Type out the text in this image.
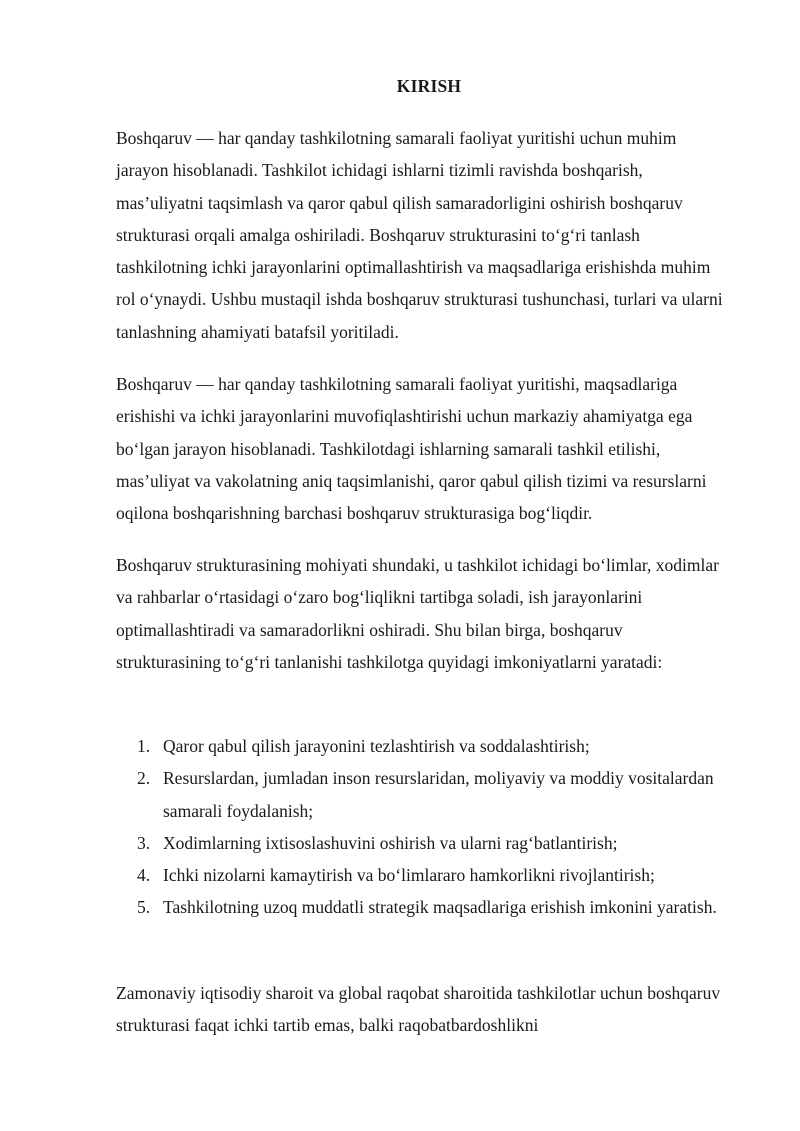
KIRISH

Boshqaruv — har qanday tashkilotning samarali faoliyat yuritishi uchun muhim jarayon hisoblanadi. Tashkilot ichidagi ishlarni tizimli ravishda boshqarish, mas’uliyatni taqsimlash va qaror qabul qilish samaradorligini oshirish boshqaruv strukturasi orqali amalga oshiriladi. Boshqaruv strukturasini to‘g‘ri tanlash tashkilotning ichki jarayonlarini optimallashtirish va maqsadlariga erishishda muhim rol o‘ynaydi. Ushbu mustaqil ishda boshqaruv strukturasi tushunchasi, turlari va ularni tanlashning ahamiyati batafsil yoritiladi.

Boshqaruv — har qanday tashkilotning samarali faoliyat yuritishi, maqsadlariga erishishi va ichki jarayonlarini muvofiqlashtirishi uchun markaziy ahamiyatga ega bo‘lgan jarayon hisoblanadi. Tashkilotdagi ishlarning samarali tashkil etilishi, mas’uliyat va vakolatning aniq taqsimlanishi, qaror qabul qilish tizimi va resurslarni oqilona boshqarishning barchasi boshqaruv strukturasiga bog‘liqdir.

Boshqaruv strukturasining mohiyati shundaki, u tashkilot ichidagi bo‘limlar, xodimlar va rahbarlar o‘rtasidagi o‘zaro bog‘liqlikni tartibga soladi, ish jarayonlarini optimallashtiradi va samaradorlikni oshiradi. Shu bilan birga, boshqaruv strukturasining to‘g‘ri tanlanishi tashkilotga quyidagi imkoniyatlarni yaratadi:

1. Qaror qabul qilish jarayonini tezlashtirish va soddalashtirish;
2. Resurslardan, jumladan inson resurslaridan, moliyaviy va moddiy vositalardan samarali foydalanish;
3. Xodimlarning ixtisoslashuvini oshirish va ularni rag‘batlantirish;
4. Ichki nizolarni kamaytirish va bo‘limlararo hamkorlikni rivojlantirish;
5. Tashkilotning uzoq muddatli strategik maqsadlariga erishish imkonini yaratish.

Zamonaviy iqtisodiy sharoit va global raqobat sharoitida tashkilotlar uchun boshqaruv strukturasi faqat ichki tartib emas, balki raqobatbardoshlikni
